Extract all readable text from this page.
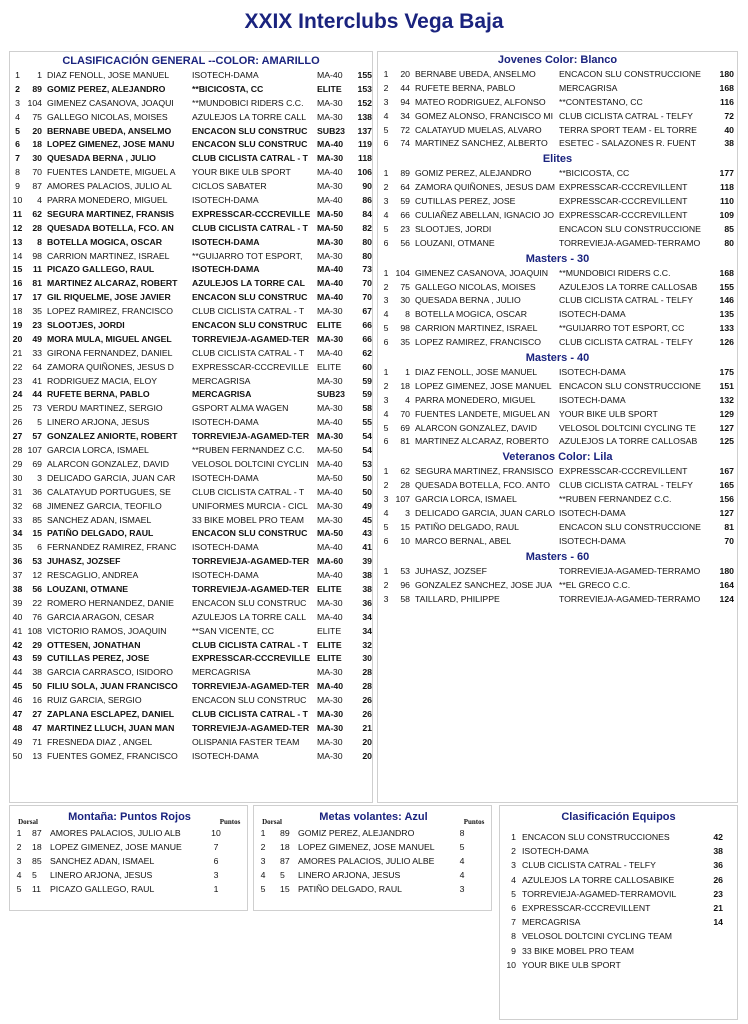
XXIX Interclubs Vega Baja
CLASIFICACIÓN GENERAL --COLOR: AMARILLO
1	1 DIAZ FENOLL, JOSE MANUEL	ISOTECH-DAMA	MA-40	155
2	89 GOMIZ PEREZ, ALEJANDRO	**BICICOSTA, CC	ELITE	153
3 104 GIMENEZ CASANOVA, JOAQUI	**MUNDOBICI RIDERS C.C.	MA-30	152
4	75 GALLEGO NICOLAS, MOISES	AZULEJOS LA TORRE CALL	MA-30	138
5	20 BERNABE UBEDA, ANSELMO	ENCACON SLU CONSTRUC	SUB23	137
6	18 LOPEZ GIMENEZ, JOSE MANU	ENCACON SLU CONSTRUC	MA-40	119
7	30 QUESADA BERNA , JULIO	CLUB CICLISTA CATRAL - T	MA-30	118
8	70 FUENTES LANDETE, MIGUEL A	YOUR BIKE ULB SPORT	MA-40	106
9	87 AMORES PALACIOS, JULIO AL	CICLOS SABATER	MA-30	90
10	4 PARRA MONEDERO, MIGUEL	ISOTECH-DAMA	MA-40	86
11	62 SEGURA MARTINEZ, FRANSIS	EXPRESSCAR-CCCREVILLE MA-50	84
12	28 QUESADA BOTELLA, FCO. AN	CLUB CICLISTA CATRAL - T	MA-50	82
13	8 BOTELLA MOGICA, OSCAR	ISOTECH-DAMA	MA-30	80
14	98 CARRION MARTINEZ, ISRAEL	**GUIJARRO TOT ESPORT,	MA-30	80
15	11 PICAZO GALLEGO, RAUL	ISOTECH-DAMA	MA-40	73
16	81 MARTINEZ ALCARAZ, ROBERT	AZULEJOS LA TORRE CAL	MA-40	70
17	17 GIL RIQUELME, JOSE JAVIER	ENCACON SLU CONSTRUC	MA-40	70
18	35 LOPEZ RAMIREZ, FRANCISCO	CLUB CICLISTA CATRAL - T	MA-30	67
19	23 SLOOTJES, JORDI	ENCACON SLU CONSTRUC	ELITE	66
20	49 MORA MULA, MIGUEL ANGEL	TORREVIEJA-AGAMED-TER MA-30	66
21	33 GIRONA FERNANDEZ, DANIEL	CLUB CICLISTA CATRAL - T	MA-40	62
22	64 ZAMORA QUIÑONES, JESUS D	EXPRESSCAR-CCCREVILLE ELITE	60
23	41 RODRIGUEZ MACIA, ELOY	MERCAGRISA	MA-30	59
24	44 RUFETE BERNA, PABLO	MERCAGRISA	SUB23	59
25	73 VERDU MARTINEZ, SERGIO	GSPORT ALMA WAGEN	MA-30	58
26	5 LINERO ARJONA, JESUS	ISOTECH-DAMA	MA-40	55
27	57 GONZALEZ ANIORTE, ROBERT	TORREVIEJA-AGAMED-TER MA-30	54
28 107 GARCIA LORCA, ISMAEL	**RUBEN FERNANDEZ C.C.	MA-50	54
29	69 ALARCON GONZALEZ, DAVID	VELOSOL DOLTCINI CYCLIN MA-40	53
30	3 DELICADO GARCIA, JUAN CAR	ISOTECH-DAMA	MA-50	50
31	36 CALATAYUD PORTUGUES, SE	CLUB CICLISTA CATRAL - T	MA-40	50
32	68 JIMENEZ GARCIA, TEOFILO	UNIFORMES MURCIA - CICL	MA-30	49
33	85 SANCHEZ ADAN, ISMAEL	33 BIKE MOBEL PRO TEAM	MA-30	45
34	15 PATIÑO DELGADO, RAUL	ENCACON SLU CONSTRUC	MA-50	43
35	6 FERNANDEZ RAMIREZ, FRANC	ISOTECH-DAMA	MA-40	41
36	53 JUHASZ, JOZSEF	TORREVIEJA-AGAMED-TER MA-60	39
37	12 RESCAGLIO, ANDREA	ISOTECH-DAMA	MA-40	38
38	56 LOUZANI, OTMANE	TORREVIEJA-AGAMED-TER ELITE	38
39	22 ROMERO HERNANDEZ, DANIE	ENCACON SLU CONSTRUC	MA-30	36
40	76 GARCIA ARAGON, CESAR	AZULEJOS LA TORRE CALL	MA-40	34
41 108 VICTORIO RAMOS, JOAQUIN	**SAN VICENTE, CC	ELITE	34
42	29 OTTESEN, JONATHAN	CLUB CICLISTA CATRAL - T	ELITE	32
43	59 CUTILLAS PEREZ, JOSE	EXPRESSCAR-CCCREVILLE ELITE	30
44	38 GARCIA CARRASCO, ISIDORO	MERCAGRISA	MA-30	28
45	50 FILIU SOLA, JUAN FRANCISCO	TORREVIEJA-AGAMED-TER MA-40	28
46	16 RUIZ GARCIA, SERGIO	ENCACON SLU CONSTRUC	MA-30	26
47	27 ZAPLANA ESCLAPEZ, DANIEL	CLUB CICLISTA CATRAL - T	MA-30	26
48	47 MARTINEZ LLUCH, JUAN MAN	TORREVIEJA-AGAMED-TER MA-30	21
49	71 FRESNEDA DIAZ , ANGEL	OLISPANIA FASTER TEAM	MA-30	20
50	13 FUENTES GOMEZ, FRANCISCO	ISOTECH-DAMA	MA-30	20
Jovenes Color: Blanco
1	20 BERNABE UBEDA, ANSELMO	ENCACON SLU CONSTRUCCIONE	180
2	44 RUFETE BERNA, PABLO	MERCAGRISA	168
3	94 MATEO RODRIGUEZ, ALFONSO	**CONTESTANO, CC	116
4	34 GOMEZ ALONSO, FRANCISCO MI CLUB CICLISTA CATRAL - TELFY	72
5	72 CALATAYUD MUELAS, ALVARO	TERRA SPORT TEAM - EL TORRE	40
6	74 MARTINEZ SANCHEZ, ALBERTO	ESETEC - SALAZONES R. FUENT	38
Elites
1	89 GOMIZ PEREZ, ALEJANDRO	**BICICOSTA, CC	177
2	64 ZAMORA QUIÑONES, JESUS DAM EXPRESSCAR-CCCREVILLENT	118
3	59 CUTILLAS PEREZ, JOSE	EXPRESSCAR-CCCREVILLENT	110
4	66 CULIAÑEZ ABELLAN, IGNACIO JO EXPRESSCAR-CCCREVILLENT	109
5	23 SLOOTJES, JORDI	ENCACON SLU CONSTRUCCIONE	85
6	56 LOUZANI, OTMANE	TORREVIEJA-AGAMED-TERRAMO	80
Masters - 30
1 104 GIMENEZ CASANOVA, JOAQUIN	**MUNDOBICI RIDERS C.C.	168
2	75 GALLEGO NICOLAS, MOISES	AZULEJOS LA TORRE CALLOSAB	155
3	30 QUESADA BERNA , JULIO	CLUB CICLISTA CATRAL - TELFY	146
4	8 BOTELLA MOGICA, OSCAR	ISOTECH-DAMA	135
5	98 CARRION MARTINEZ, ISRAEL	**GUIJARRO TOT ESPORT, CC	133
6	35 LOPEZ RAMIREZ, FRANCISCO	CLUB CICLISTA CATRAL - TELFY	126
Masters - 40
1	1 DIAZ FENOLL, JOSE MANUEL	ISOTECH-DAMA	175
2	18 LOPEZ GIMENEZ, JOSE MANUEL ENCACON SLU CONSTRUCCIONE	151
3	4 PARRA MONEDERO, MIGUEL	ISOTECH-DAMA	132
4	70 FUENTES LANDETE, MIGUEL AN	YOUR BIKE ULB SPORT	129
5	69 ALARCON GONZALEZ, DAVID	VELOSOL DOLTCINI CYCLING TE	127
6	81 MARTINEZ ALCARAZ, ROBERTO	AZULEJOS LA TORRE CALLOSAB	125
Veteranos Color: Lila
1	62 SEGURA MARTINEZ, FRANSISCO EXPRESSCAR-CCCREVILLENT	167
2	28 QUESADA BOTELLA, FCO. ANTO	CLUB CICLISTA CATRAL - TELFY	165
3 107 GARCIA LORCA, ISMAEL	**RUBEN FERNANDEZ C.C.	156
4	3 DELICADO GARCIA, JUAN CARLO ISOTECH-DAMA	127
5	15 PATIÑO DELGADO, RAUL	ENCACON SLU CONSTRUCCIONE	81
6	10 MARCO BERNAL, ABEL	ISOTECH-DAMA	70
Masters - 60
1	53 JUHASZ, JOZSEF	TORREVIEJA-AGAMED-TERRAMO	180
2	96 GONZALEZ SANCHEZ, JOSE JUA **EL GRECO C.C.	164
3	58 TAILLARD, PHILIPPE	TORREVIEJA-AGAMED-TERRAMO	124
Dorsal	Montaña: Puntos Rojos	Puntos
1	87 AMORES PALACIOS, JULIO ALB	10
2	18 LOPEZ GIMENEZ, JOSE MANUE	7
3	85 SANCHEZ ADAN, ISMAEL	6
4	5	LINERO ARJONA, JESUS	3
5	11	PICAZO GALLEGO, RAUL	1
Dorsal	Metas volantes: Azul	Puntos
1	89 GOMIZ PEREZ, ALEJANDRO	8
2	18 LOPEZ GIMENEZ, JOSE MANUEL	5
3	87 AMORES PALACIOS, JULIO ALBE	4
4	5	LINERO ARJONA, JESUS	4
5	15 PATIÑO DELGADO, RAUL	3
Clasificación Equipos
1 ENCACON SLU CONSTRUCCIONES	42
2 ISOTECH-DAMA	38
3 CLUB CICLISTA CATRAL - TELFY	36
4 AZULEJOS LA TORRE CALLOSABIKE	26
5 TORREVIEJA-AGAMED-TERRAMOVIL	23
6 EXPRESSCAR-CCCREVILLENT	21
7 MERCAGRISA	14
8 VELOSOL DOLTCINI CYCLING TEAM
9 33 BIKE MOBEL PRO TEAM
10 YOUR BIKE ULB SPORT
